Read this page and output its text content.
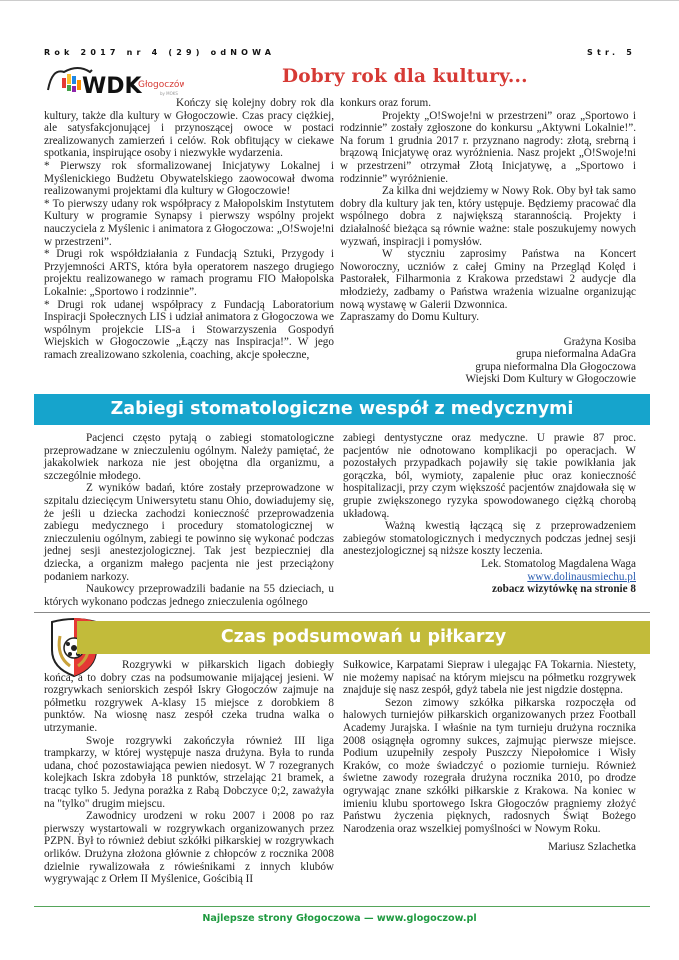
Rok 2017 nr 4 (29) odNOWA	Str. 5
WDK
Głogoczów
by MOKS
Dobry rok dla kultury...

Kończy się kolejny dobry rok dla kultury, także dla kultury w Głogoczowie. Czas pracy ciężkiej, ale satysfakcjonującej i przynoszącej owoce w postaci zrealizowanych zamierzeń i celów. Rok obfitujący w ciekawe spotkania, inspirujące osoby i niezwykłe wydarzenia.

* Pierwszy rok sformalizowanej Inicjatywy Lokalnej i Myślenickiego Budżetu Obywatelskiego zaowocował dwoma realizowanymi projektami dla kultury w Głogoczowie!

* To pierwszy udany rok współpracy z Małopolskim Instytutem Kultury w programie Synapsy i pierwszy wspólny projekt nauczyciela z Myślenic i animatora z Głogoczowa: „O!Swoje!ni w przestrzeni”.

* Drugi rok współdziałania z Fundacją Sztuki, Przygody i Przyjemności ARTS, która była operatorem naszego drugiego projektu realizowanego w ramach programu FIO Małopolska Lokalnie: „Sportowo i rodzinnie”.

* Drugi rok udanej współpracy z Fundacją Laboratorium Inspiracji Społecznych LIS i udział animatora z Głogoczowa we wspólnym projekcie LIS-a i Stowarzyszenia Gospodyń Wiejskich w Głogoczowie „Łączy nas Inspiracja!”. W jego ramach zrealizowano szkolenia, coaching, akcje społeczne,

konkurs oraz forum.

Projekty „O!Swoje!ni w przestrzeni” oraz „Sportowo i rodzinnie” zostały zgłoszone do konkursu „Aktywni Lokalnie!”. Na forum 1 grudnia 2017 r. przyznano nagrody: złotą, srebrną i brązową Inicjatywę oraz wyróżnienia. Nasz projekt „O!Swoje!ni w przestrzeni” otrzymał Złotą Inicjatywę, a „Sportowo i rodzinnie” wyróżnienie.

Za kilka dni wejdziemy w Nowy Rok. Oby był tak samo dobry dla kultury jak ten, który ustępuje. Będziemy pracować dla wspólnego dobra z największą starannością. Projekty i działalność bieżąca są równie ważne: stale poszukujemy nowych wyzwań, inspiracji i pomysłów.

W styczniu zaprosimy Państwa na Koncert Noworoczny, uczniów z całej Gminy na Przegląd Kolęd i Pastorałek, Filharmonia z Krakowa przedstawi 2 audycje dla młodzieży, zadbamy o Państwa wrażenia wizualne organizując nową wystawę w Galerii Dzwonnica.

Zapraszamy do Domu Kultury.

Grażyna Kosiba

grupa nieformalna AdaGra

grupa nieformalna Dla Głogoczowa

Wiejski Dom Kultury w Głogoczowie

Zabiegi stomatologiczne wespół z medycznymi

Pacjenci często pytają o zabiegi stomatologiczne przeprowadzane w znieczuleniu ogólnym. Należy pamiętać, że jakakolwiek narkoza nie jest obojętna dla organizmu, a szczególnie młodego.

Z wyników badań, które zostały przeprowadzone w szpitalu dziecięcym Uniwersytetu stanu Ohio, dowiadujemy się, że jeśli u dziecka zachodzi konieczność przeprowadzenia zabiegu medycznego i procedury stomatologicznej w znieczuleniu ogólnym, zabiegi te powinno się wykonać podczas jednej sesji anestezjologicznej. Tak jest bezpieczniej dla dziecka, a organizm małego pacjenta nie jest przeciążony podaniem narkozy.

Naukowcy przeprowadzili badanie na 55 dzieciach, u których wykonano podczas jednego znieczulenia ogólnego

zabiegi dentystyczne oraz medyczne. U prawie 87 proc. pacjentów nie odnotowano komplikacji po operacjach. W pozostałych przypadkach pojawiły się takie powikłania jak gorączka, ból, wymioty, zapalenie płuc oraz konieczność hospitalizacji, przy czym większość pacjentów znajdowała się w grupie zwiększonego ryzyka spowodowanego ciężką chorobą układową.

Ważną kwestią łączącą się z przeprowadzeniem zabiegów stomatologicznych i medycznych podczas jednej sesji anestezjologicznej są niższe koszty leczenia.

Lek. Stomatolog Magdalena Waga

www.dolinausmiechu.pl

zobacz wizytówkę na stronie 8

Czas podsumowań u piłkarzy

Rozgrywki w piłkarskich ligach dobiegły końca, a to dobry czas na podsumowanie mijającej jesieni. W rozgrywkach seniorskich zespół Iskry Głogoczów zajmuje na półmetku rozgrywek A-klasy 15 miejsce z dorobkiem 8 punktów. Na wiosnę nasz zespół czeka trudna walka o utrzymanie.

Swoje rozgrywki zakończyła również III liga trampkarzy, w której występuje nasza drużyna. Była to runda udana, choć pozostawiająca pewien niedosyt. W 7 rozegranych kolejkach Iskra zdobyła 18 punktów, strzelając 21 bramek, a tracąc tylko 5. Jedyna porażka z Rabą Dobczyce 0;2, zaważyła na "tylko" drugim miejscu.

Zawodnicy urodzeni w roku 2007 i 2008 po raz pierwszy wystartowali w rozgrywkach organizowanych przez PZPN. Był to również debiut szkółki piłkarskiej w rozgrywkach orlików. Drużyna złożona głównie z chłopców z rocznika 2008 dzielnie rywalizowała z rówieśnikami z innych klubów wygrywając z Orłem II Myślenice, Gościbią II

Sułkowice, Karpatami Siepraw i ulegając FA Tokarnia. Niestety, nie możemy napisać na którym miejscu na półmetku rozgrywek znajduje się nasz zespół, gdyż tabela nie jest nigdzie dostępna.

Sezon zimowy szkółka piłkarska rozpoczęła od halowych turniejów piłkarskich organizowanych przez Football Academy Jurajska. I właśnie na tym turnieju drużyna rocznika 2008 osiągnęła ogromny sukces, zajmując pierwsze miejsce. Podium uzupełniły zespoły Puszczy Niepołomice i Wisły Kraków, co może świadczyć o poziomie turnieju. Również świetne zawody rozegrała drużyna rocznika 2010, po drodze ogrywając znane szkółki piłkarskie z Krakowa. Na koniec w imieniu klubu sportowego Iskra Głogoczów pragniemy złożyć Państwu życzenia pięknych, radosnych Świąt Bożego Narodzenia oraz wszelkiej pomyślności w Nowym Roku.

Mariusz Szlachetka

Najlepsze strony Głogoczowa — www.glogoczow.pl
